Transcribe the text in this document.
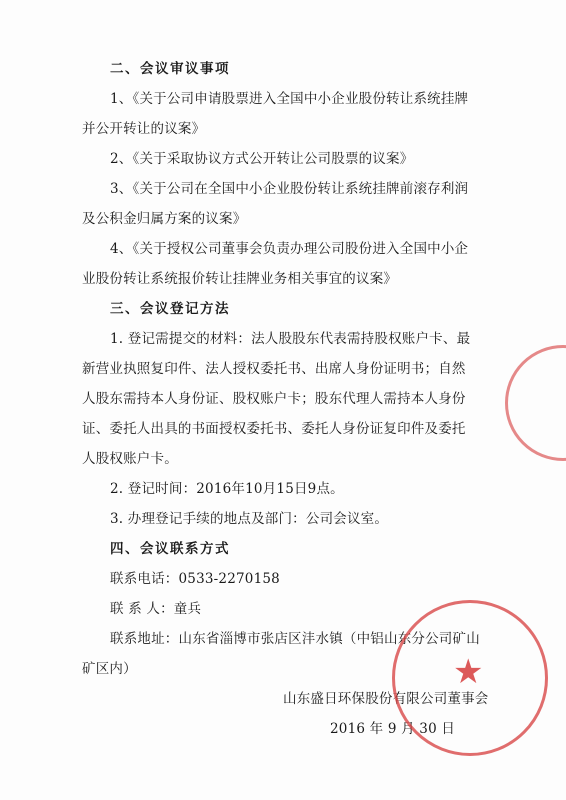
二、会议审议事项
1、《关于公司申请股票进入全国中小企业股份转让系统挂牌
并公开转让的议案》
2、《关于采取协议方式公开转让公司股票的议案》
3、《关于公司在全国中小企业股份转让系统挂牌前滚存利润
及公积金归属方案的议案》
4、《关于授权公司董事会负责办理公司股份进入全国中小企
业股份转让系统报价转让挂牌业务相关事宜的议案》
三、会议登记方法
1. 登记需提交的材料：法人股股东代表需持股权账户卡、最
新营业执照复印件、法人授权委托书、出席人身份证明书；自然
人股东需持本人身份证、股权账户卡；股东代理人需持本人身份
证、委托人出具的书面授权委托书、委托人身份证复印件及委托
人股权账户卡。
2. 登记时间：2016年10月15日9点。
3. 办理登记手续的地点及部门：公司会议室。
四、会议联系方式
联系电话：0533-2270158
联 系 人：童兵
联系地址：山东省淄博市张店区沣水镇（中铝山东分公司矿山
矿区内）
山东盛日环保股份有限公司董事会
2016 年 9 月 30 日
★
